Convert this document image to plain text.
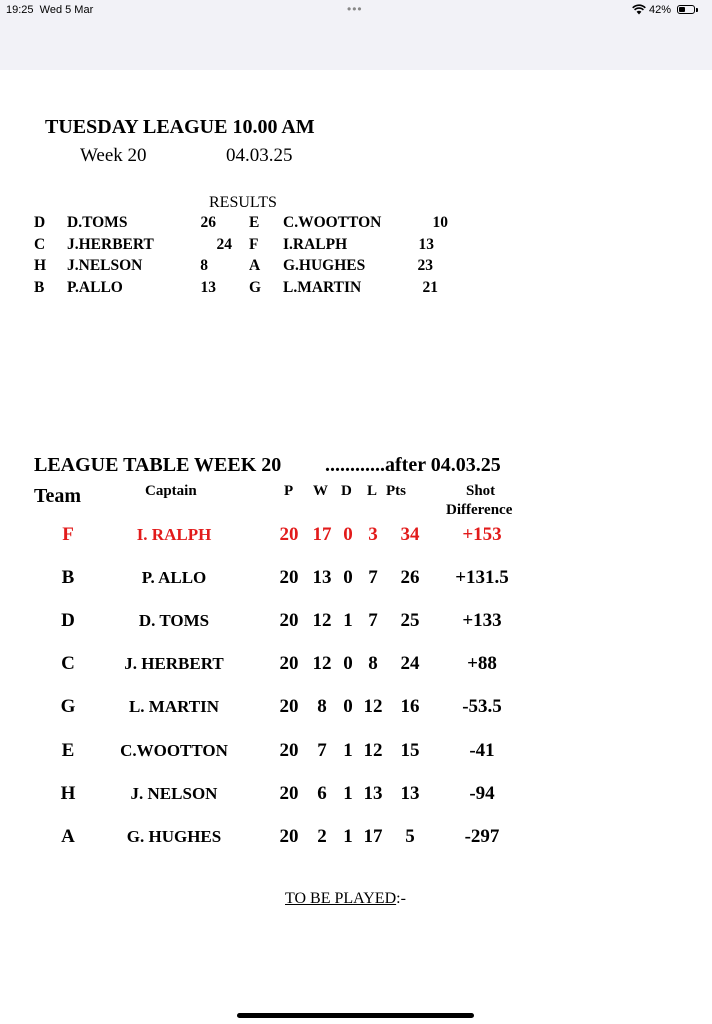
19:25 Wed 5 Mar	•••	42%
TUESDAY LEAGUE 10.00 AM
Week 20	04.03.25
RESULTS
D D.TOMS	26 E C.WOOTTON	10
C J.HERBERT	24 F I.RALPH	13
H J.NELSON	8	A G.HUGHES	23
B P.ALLO	13 G L.MARTIN	21
LEAGUE TABLE WEEK 20 ............after 04.03.25
Team	Captain	P W D L Pts	Shot
Difference
F	I. RALPH	20 17 0 3	34	+153
B	P. ALLO	20 13 0 7	26	+131.5
D	D. TOMS	20 12 1 7	25	+133
C	J. HERBERT	20 12 0 8	24	+88
G	L. MARTIN	20 8 0 12 16	-53.5
E	C.WOOTTON	20 7 1 12 15	-41
H	J. NELSON	20 6 1 13 13	-94
A	G. HUGHES	20 2 1 17	5	-297
TO BE PLAYED:-
